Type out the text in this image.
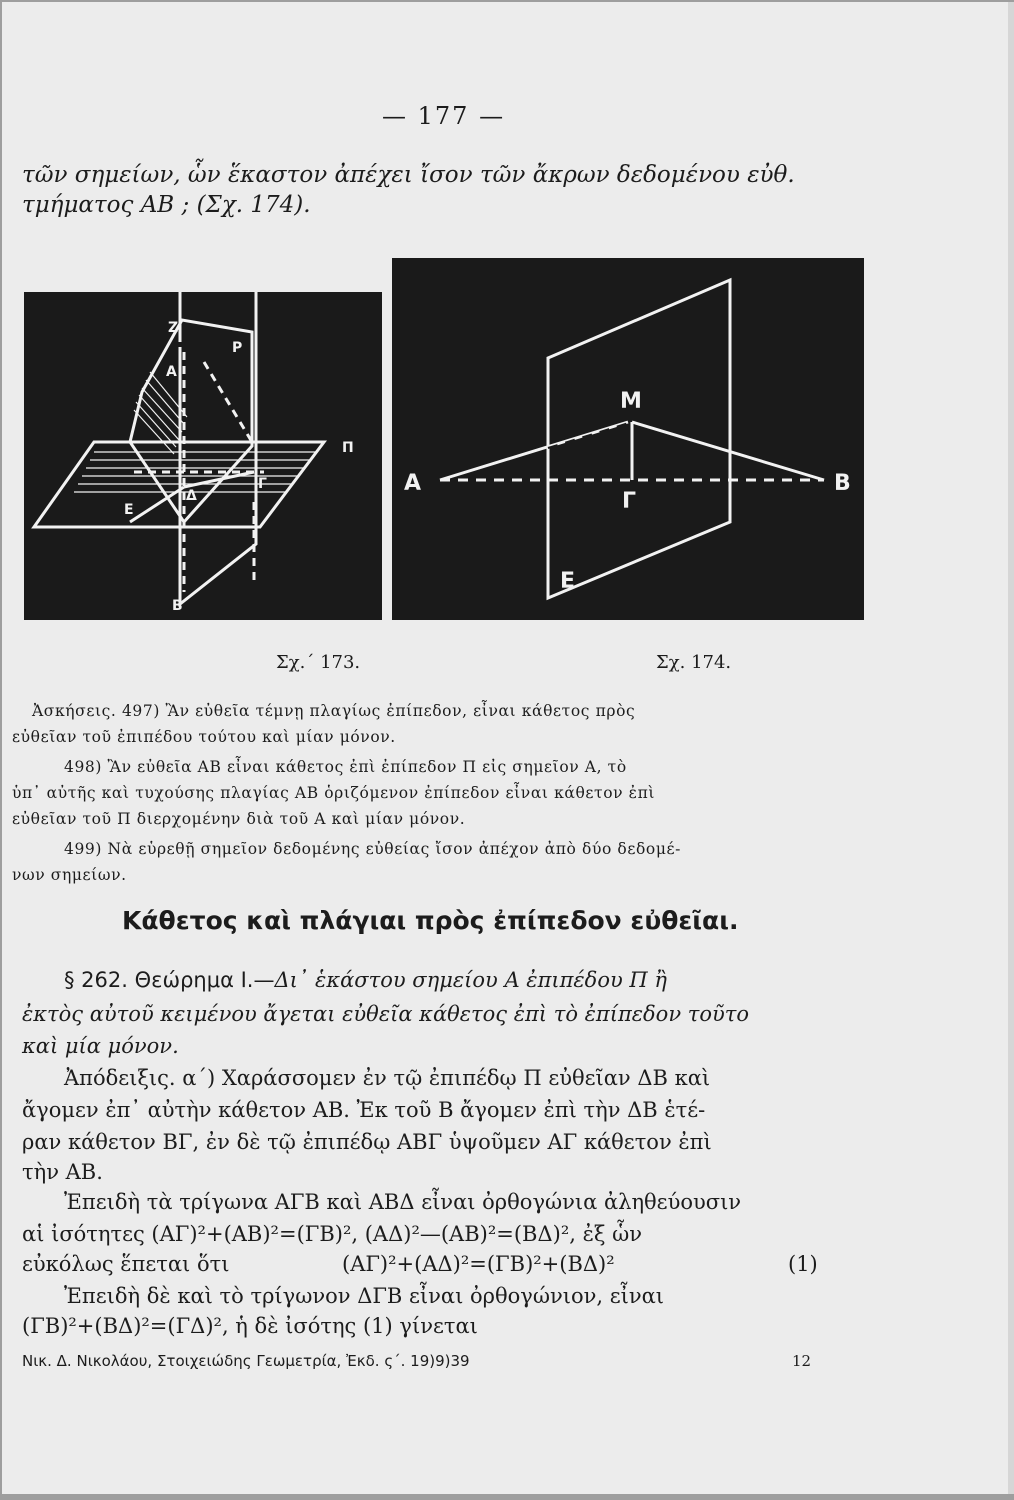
— 177 —
τῶν σημείων, ὧν ἕκαστον ἀπέχει ἴσον τῶν ἄκρων δεδομένου εὐθ.
τμήματος ΑΒ ; (Σχ. 174).
Ζ
Α
Ρ
Π
Γ
Δ
Ε
Β
Μ
Α	Β
Γ
Ε
Σχ.΄ 173.	Σχ. 174.
Ἀσκήσεις. 497) Ἂν εὐθεῖα τέμνῃ πλαγίως ἐπίπεδον, εἶναι κάθετος πρὸς
εὐθεῖαν τοῦ ἐπιπέδου τούτου καὶ μίαν μόνον.
498) Ἂν εὐθεῖα ΑΒ εἶναι κάθετος ἐπὶ ἐπίπεδον Π εἰς σημεῖον Α, τὸ
ὑπ᾿ αὐτῆς καὶ τυχούσης πλαγίας ΑΒ ὁριζόμενον ἐπίπεδον εἶναι κάθετον ἐπὶ
εὐθεῖαν τοῦ Π διερχομένην διὰ τοῦ Α καὶ μίαν μόνον.
499) Νὰ εὑρεθῇ σημεῖον δεδομένης εὐθείας ἴσον ἀπέχον ἀπὸ δύο δεδομέ-
νων σημείων.
Κάθετος καὶ πλάγιαι πρὸς ἐπίπεδον εὐθεῖαι.
§ 262. Θεώρημα Ι.—Δι᾿ ἑκάστου σημείου Α ἐπιπέδου Π ἢ
ἐκτὸς αὐτοῦ κειμένου ἄγεται εὐθεῖα κάθετος ἐπὶ τὸ ἐπίπεδον τοῦτο
καὶ μία μόνον.
Ἀπόδειξις. α΄) Χαράσσομεν ἐν τῷ ἐπιπέδῳ Π εὐθεῖαν ΔΒ καὶ
ἄγομεν ἐπ᾿ αὐτὴν κάθετον ΑΒ. Ἐκ τοῦ Β ἄγομεν ἐπὶ τὴν ΔΒ ἑτέ-
ραν κάθετον ΒΓ, ἐν δὲ τῷ ἐπιπέδῳ ΑΒΓ ὑψοῦμεν ΑΓ κάθετον ἐπὶ
τὴν ΑΒ.
Ἐπειδὴ τὰ τρίγωνα ΑΓΒ καὶ ΑΒΔ εἶναι ὀρθογώνια ἀληθεύουσιν
αἱ ἰσότητες (ΑΓ)²+(ΑΒ)²=(ΓΒ)², (ΑΔ)²—(ΑΒ)²=(ΒΔ)², ἐξ ὧν
εὐκόλως ἕπεται ὅτι	(ΑΓ)²+(ΑΔ)²=(ΓΒ)²+(ΒΔ)²	(1)
Ἐπειδὴ δὲ καὶ τὸ τρίγωνον ΔΓΒ εἶναι ὀρθογώνιον, εἶναι
(ΓΒ)²+(ΒΔ)²=(ΓΔ)², ἡ δὲ ἰσότης (1) γίνεται
Νικ. Δ. Νικολάου, Στοιχειώδης Γεωμετρία, Ἐκδ. ς΄. 19)9)39	12
